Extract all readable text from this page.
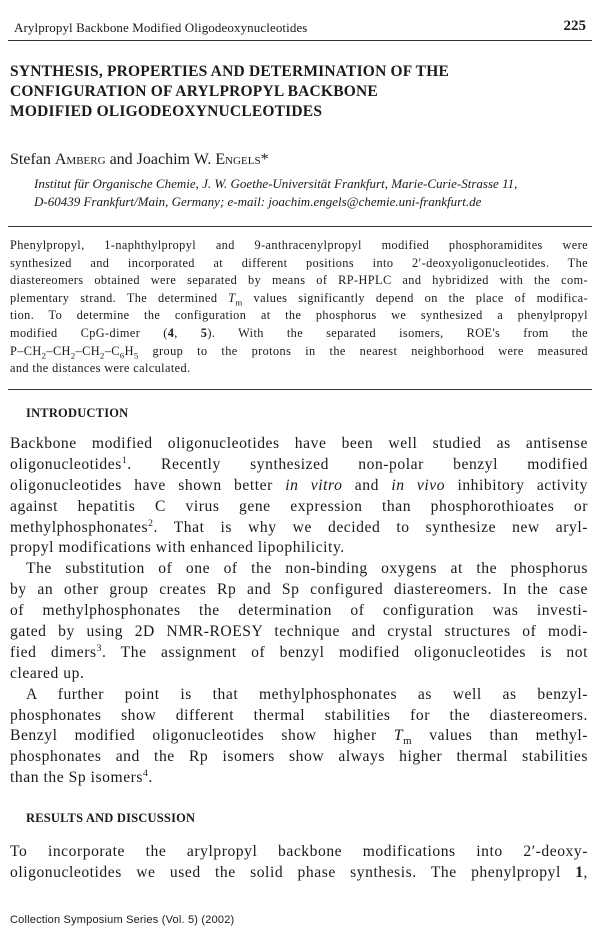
Arylpropyl Backbone Modified Oligodeoxynucleotides	225
SYNTHESIS, PROPERTIES AND DETERMINATION OF THE
CONFIGURATION OF ARYLPROPYL BACKBONE
MODIFIED OLIGODEOXYNUCLEOTIDES
Stefan Amberg and Joachim W. Engels*
Institut für Organische Chemie, J. W. Goethe-Universität Frankfurt, Marie-Curie-Strasse 11,
D-60439 Frankfurt/Main, Germany; e-mail: joachim.engels@chemie.uni-frankfurt.de
Phenylpropyl, 1-naphthylpropyl and 9-anthracenylpropyl modified phosphoramidites were
synthesized and incorporated at different positions into 2′-deoxyoligonucleotides. The
diastereomers obtained were separated by means of RP-HPLC and hybridized with the com-
plementary strand. The determined $T_m$ values significantly depend on the place of modifica-
tion. To determine the configuration at the phosphorus we synthesized a phenylpropyl
modified CpG-dimer (4, 5). With the separated isomers, ROE's from the
$P-CH_2-CH_2-CH_2-C_6H_5$ group to the protons in the nearest neighborhood were measured
and the distances were calculated.
INTRODUCTION
Backbone modified oligonucleotides have been well studied as antisense
oligonucleotides$^1$. Recently synthesized non-polar benzyl modified
oligonucleotides have shown better in vitro and in vivo inhibitory activity
against hepatitis C virus gene expression than phosphorothioates or
methylphosphonates$^2$. That is why we decided to synthesize new aryl-
propyl modifications with enhanced lipophilicity.
The substitution of one of the non-binding oxygens at the phosphorus
by an other group creates Rp and Sp configured diastereomers. In the case
of methylphosphonates the determination of configuration was investi-
gated by using 2D NMR-ROESY technique and crystal structures of modi-
fied dimers$^3$. The assignment of benzyl modified oligonucleotides is not
cleared up.
A further point is that methylphosphonates as well as benzyl-
phosphonates show different thermal stabilities for the diastereomers.
Benzyl modified oligonucleotides show higher $T_m$ values than methyl-
phosphonates and the Rp isomers show always higher thermal stabilities
than the Sp isomers$^4$.
RESULTS AND DISCUSSION
To incorporate the arylpropyl backbone modifications into 2′-deoxy-
oligonucleotides we used the solid phase synthesis. The phenylpropyl 1,
Collection Symposium Series (Vol. 5) (2002)
